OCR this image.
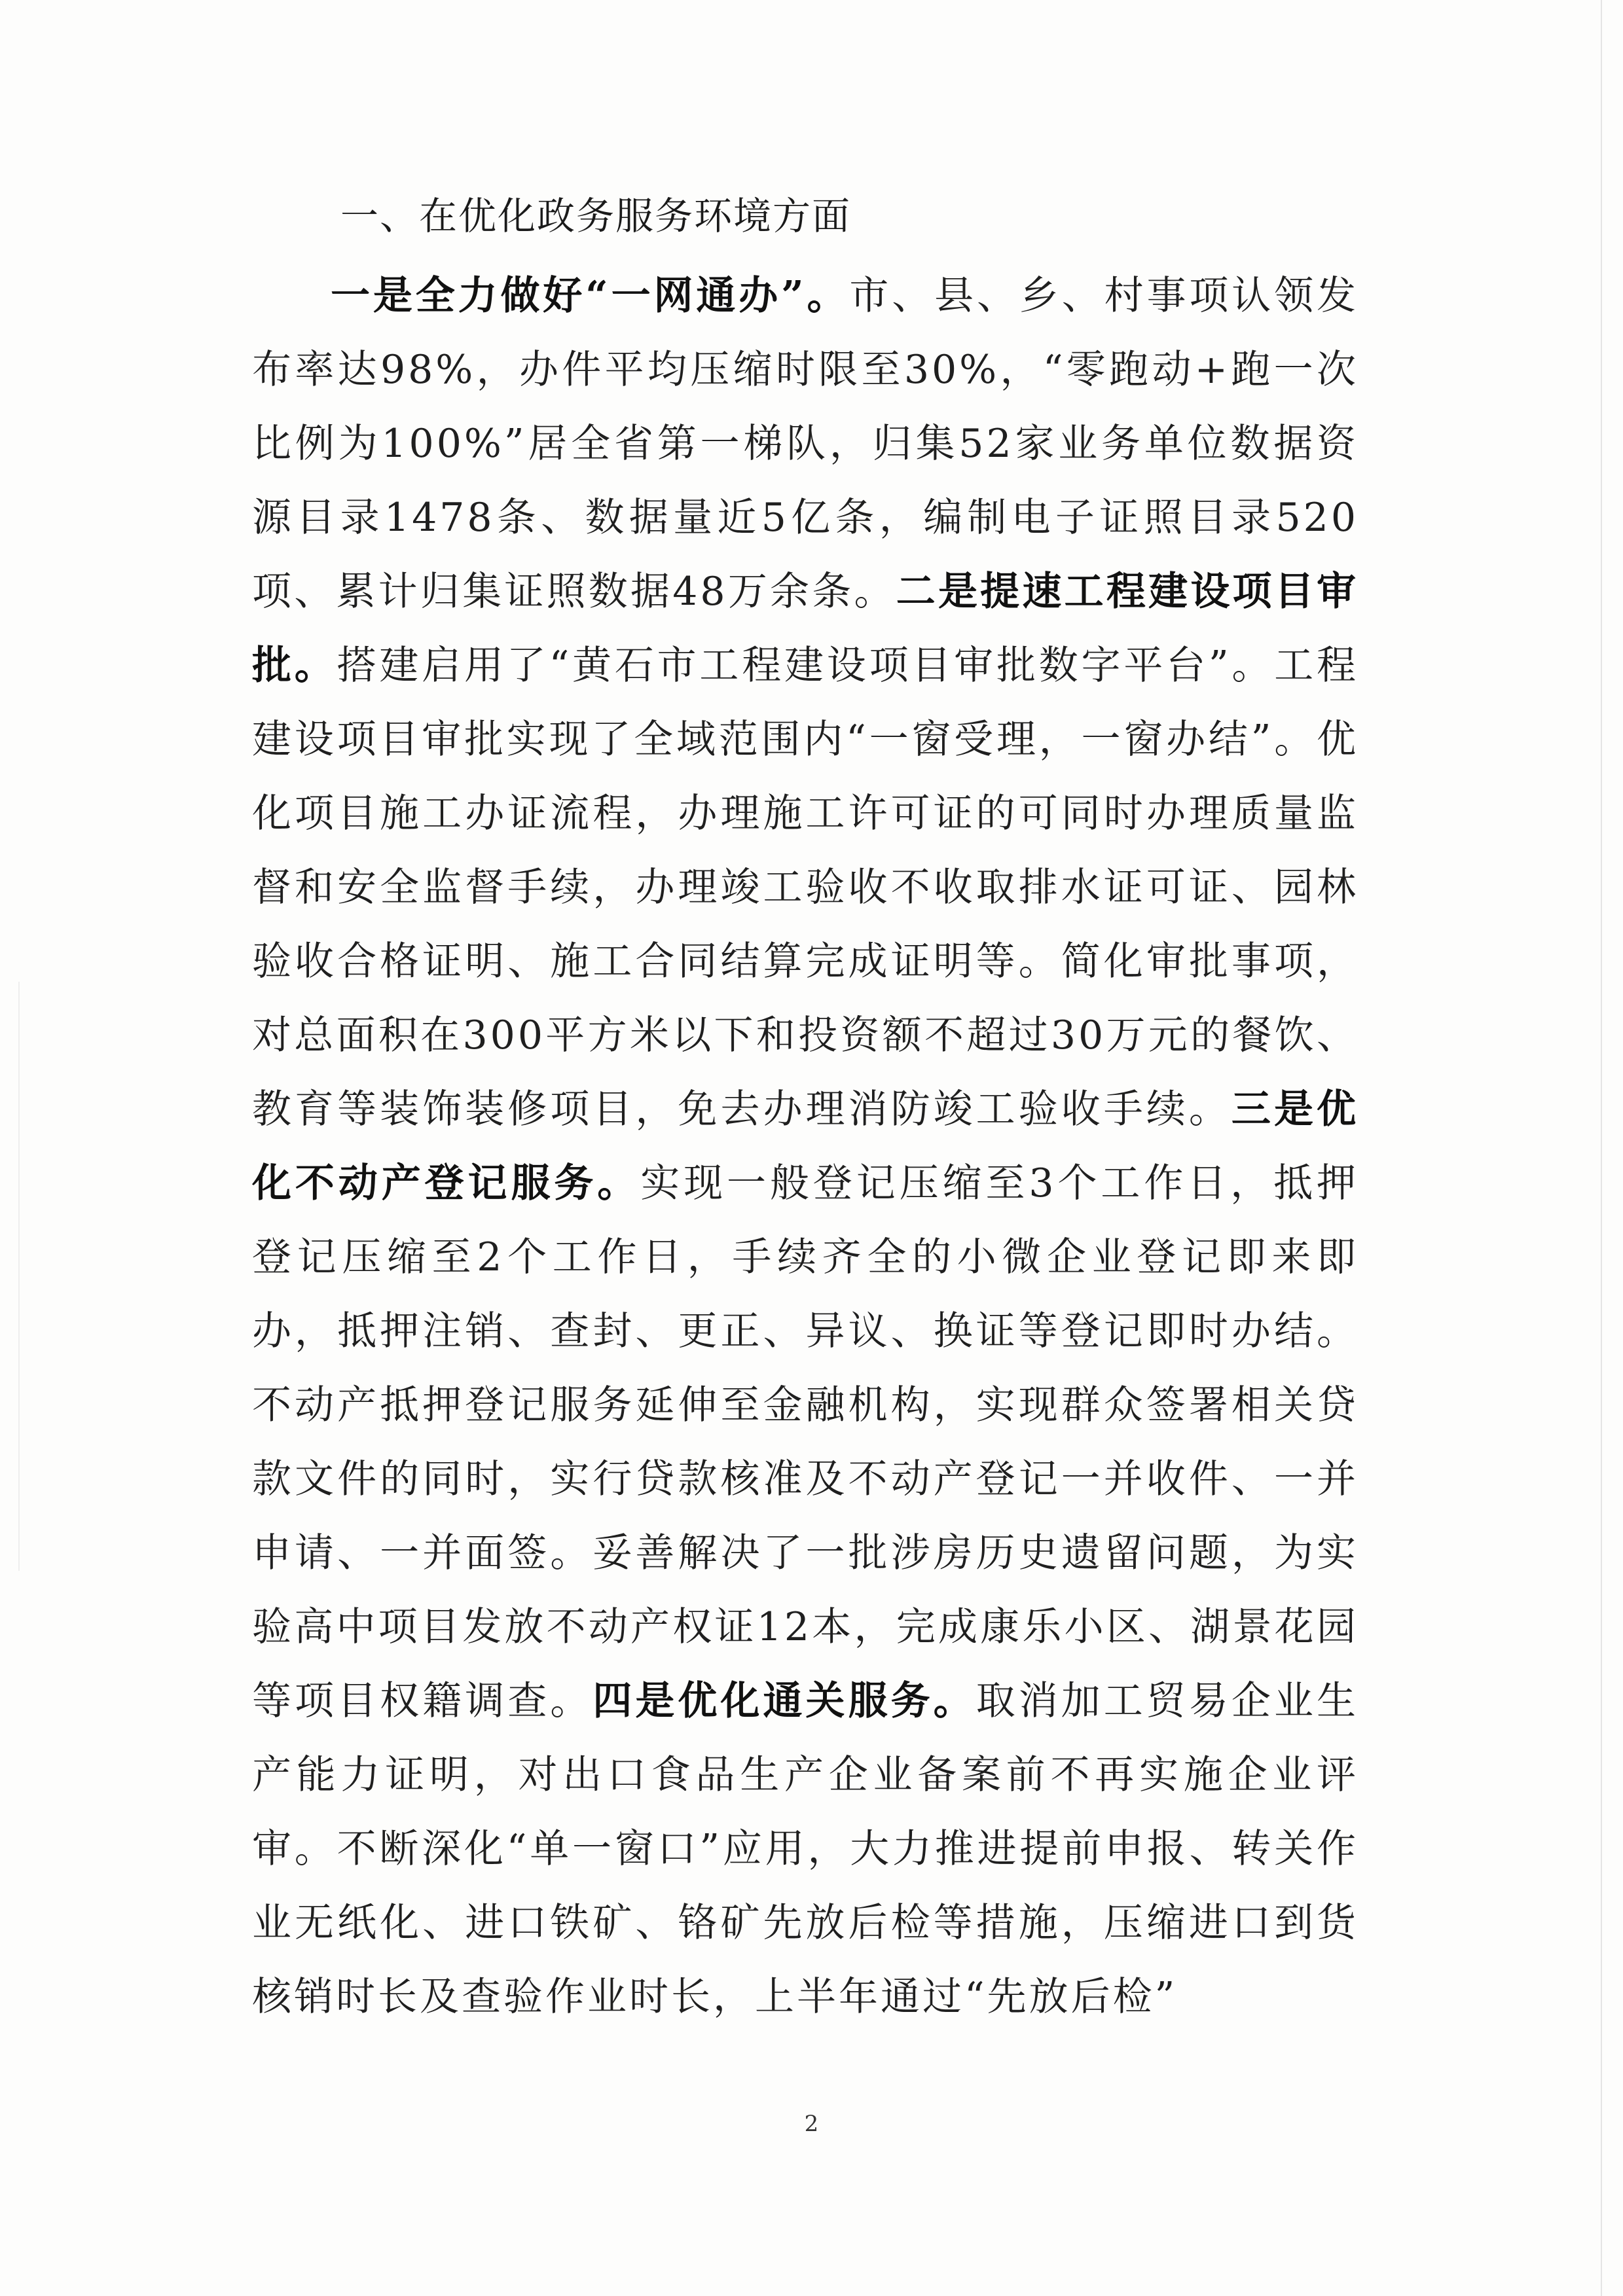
一、在优化政务服务环境方面

一是全力做好“一网通办”。市、县、乡、村事项认领发布率达98%，办件平均压缩时限至30%，“零跑动+跑一次比例为100%”居全省第一梯队，归集52家业务单位数据资源目录1478条、数据量近5亿条，编制电子证照目录520项、累计归集证照数据48万余条。二是提速工程建设项目审批。搭建启用了“黄石市工程建设项目审批数字平台”。工程建设项目审批实现了全域范围内“一窗受理，一窗办结”。优化项目施工办证流程，办理施工许可证的可同时办理质量监督和安全监督手续，办理竣工验收不收取排水证可证、园林验收合格证明、施工合同结算完成证明等。简化审批事项，对总面积在300平方米以下和投资额不超过30万元的餐饮、教育等装饰装修项目，免去办理消防竣工验收手续。三是优化不动产登记服务。实现一般登记压缩至3个工作日，抵押登记压缩至2个工作日，手续齐全的小微企业登记即来即办，抵押注销、查封、更正、异议、换证等登记即时办结。不动产抵押登记服务延伸至金融机构，实现群众签署相关贷款文件的同时，实行贷款核准及不动产登记一并收件、一并申请、一并面签。妥善解决了一批涉房历史遗留问题，为实验高中项目发放不动产权证12本，完成康乐小区、湖景花园等项目权籍调查。四是优化通关服务。取消加工贸易企业生产能力证明，对出口食品生产企业备案前不再实施企业评审。不断深化“单一窗口”应用，大力推进提前申报、转关作业无纸化、进口铁矿、铬矿先放后检等措施，压缩进口到货核销时长及查验作业时长，上半年通过“先放后检”

2
